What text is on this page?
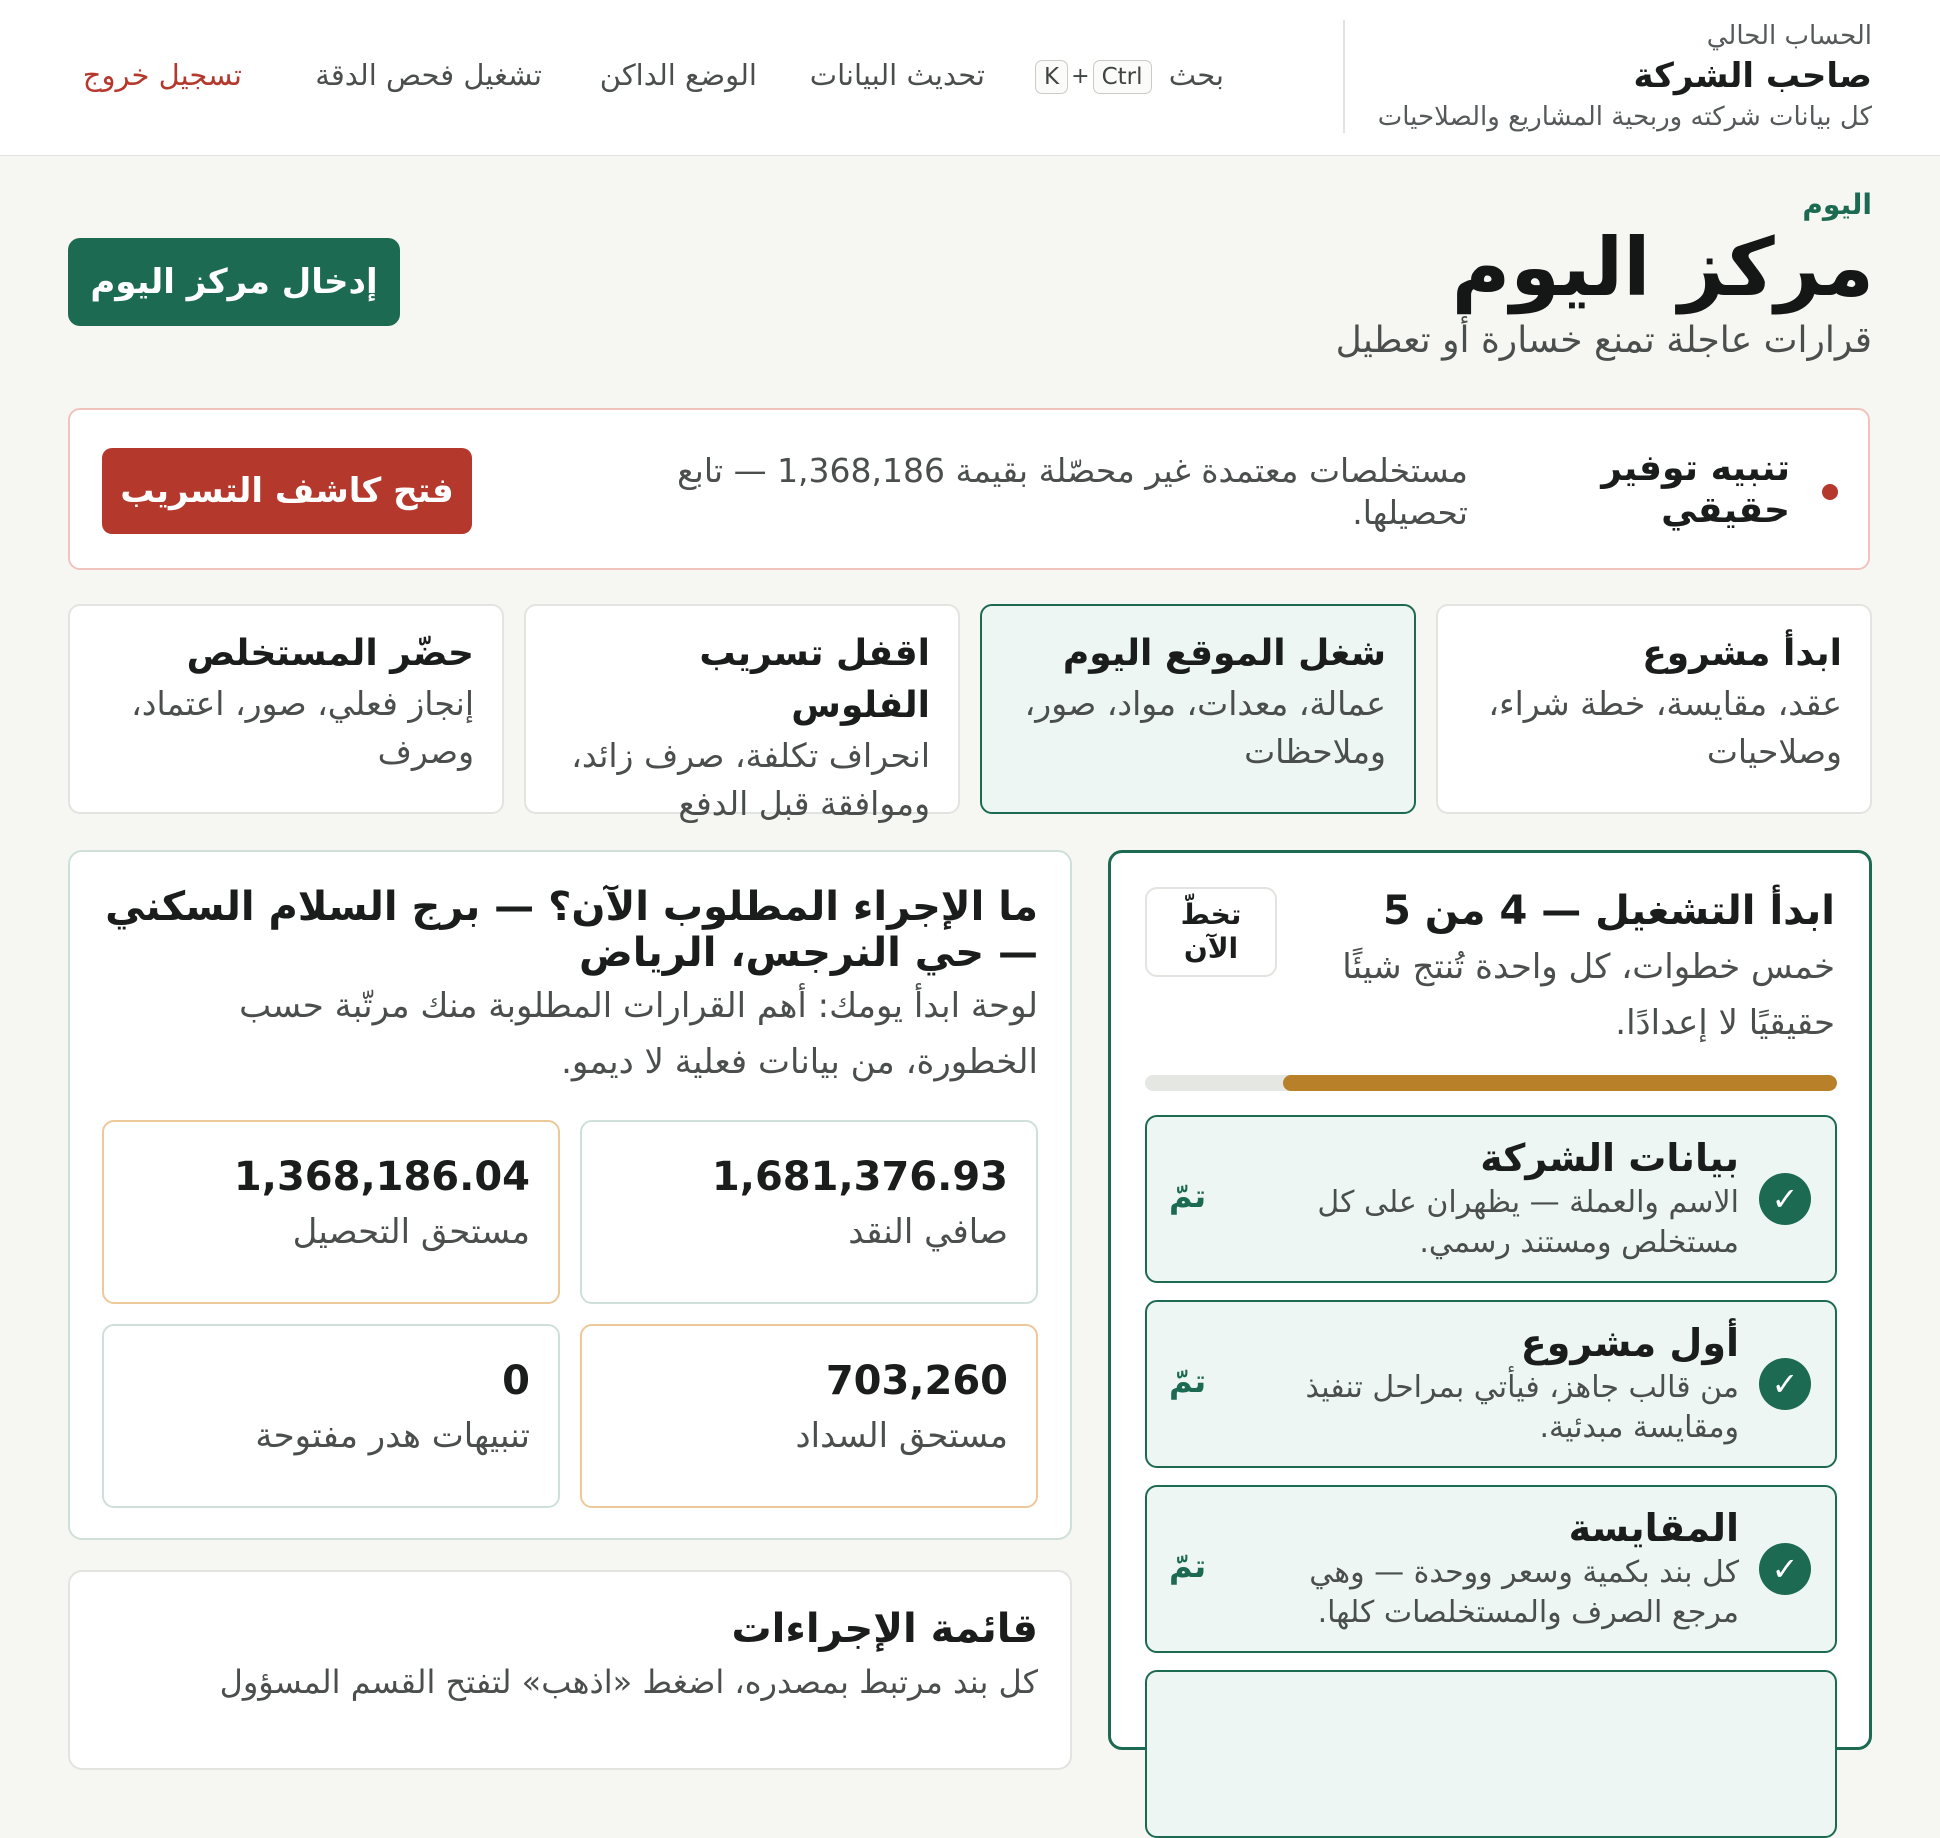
الحساب الحالي
صاحب الشركة
كل بيانات شركته وربحية المشاريع والصلاحيات
بحث K + Ctrl
تحديث البيانات
الوضع الداكن
تشغيل فحص الدقة
تسجيل خروج
اليوم
مركز اليوم
قرارات عاجلة تمنع خسارة أو تعطيل
إدخال مركز اليوم
تنبيه توفير حقيقي
مستخلصات معتمدة غير محصّلة بقيمة 1,368,186 — تابع تحصيلها.
فتح كاشف التسريب
ابدأ مشروع
عقد، مقايسة، خطة شراء، وصلاحيات
شغل الموقع اليوم
عمالة، معدات، مواد، صور، وملاحظات
اقفل تسريب الفلوس
انحراف تكلفة، صرف زائد، وموافقة قبل الدفع
حضّر المستخلص
إنجاز فعلي، صور، اعتماد، وصرف
ابدأ التشغيل — 4 من 5
خمس خطوات، كل واحدة تُنتج شيئًا حقيقيًا لا إعدادًا.
تخطّ الآن
✓
بيانات الشركة
الاسم والعملة — يظهران على كل مستخلص ومستند رسمي.
تمّ
✓
أول مشروع
من قالب جاهز، فيأتي بمراحل تنفيذ ومقايسة مبدئية.
تمّ
✓
المقايسة
كل بند بكمية وسعر ووحدة — وهي مرجع الصرف والمستخلصات كلها.
تمّ
ما الإجراء المطلوب الآن؟ — برج السلام السكني — حي النرجس، الرياض
لوحة ابدأ يومك: أهم القرارات المطلوبة منك مرتّبة حسب الخطورة، من بيانات فعلية لا ديمو.
1,681,376.93
صافي النقد
1,368,186.04
مستحق التحصيل
703,260
مستحق السداد
0
تنبيهات هدر مفتوحة
قائمة الإجراءات
كل بند مرتبط بمصدره، اضغط «اذهب» لتفتح القسم المسؤول
